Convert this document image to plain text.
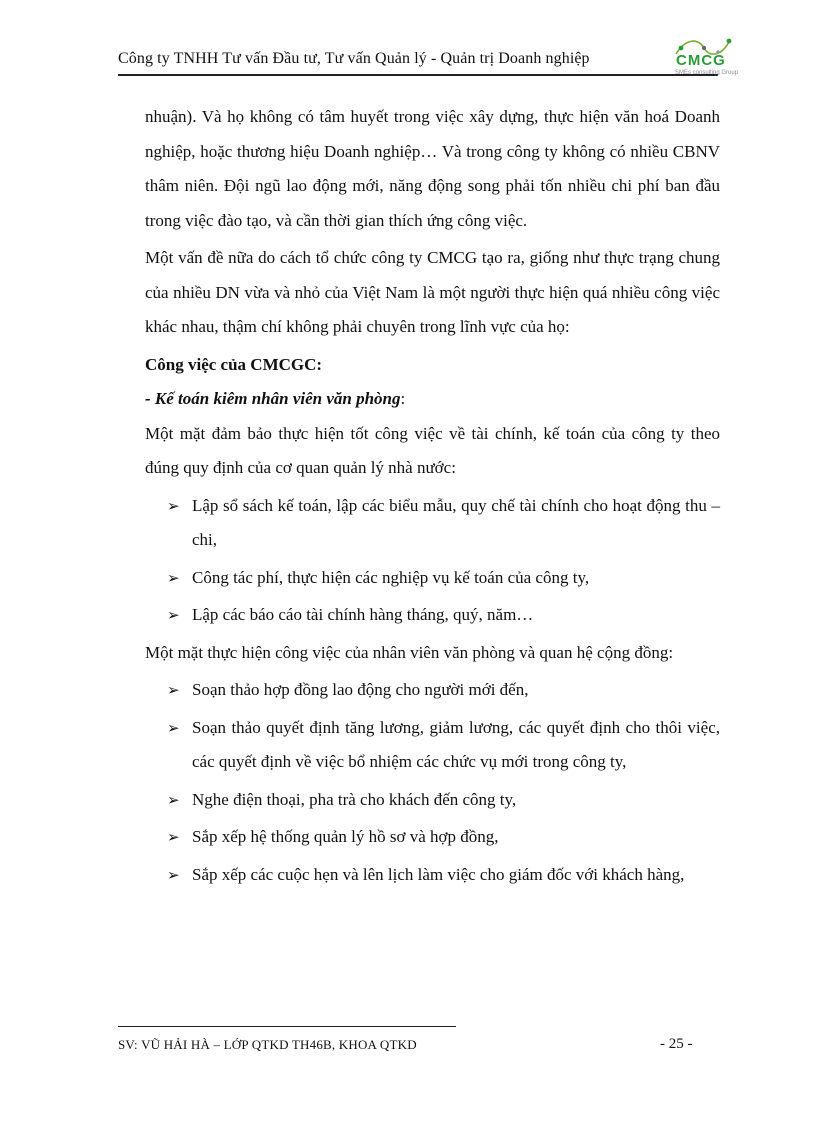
Công ty TNHH Tư vấn Đầu tư, Tư vấn Quản lý - Quản trị Doanh nghiệp	CMCG
SMEs consulting Group

nhuận). Và họ không có tâm huyết trong việc xây dựng, thực hiện văn hoá Doanh nghiệp, hoặc thương hiệu Doanh nghiệp… Và trong công ty không có nhiều CBNV thâm niên. Đội ngũ lao động mới, năng động song phải tốn nhiều chi phí ban đầu trong việc đào tạo, và cần thời gian thích ứng công việc.

Một vấn đề nữa do cách tổ chức công ty CMCG tạo ra, giống như thực trạng chung của nhiều DN vừa và nhỏ của Việt Nam là một người thực hiện quá nhiều công việc khác nhau, thậm chí không phải chuyên trong lĩnh vực của họ:

Công việc của CMCGC:

- Kế toán kiêm nhân viên văn phòng:

Một mặt đảm bảo thực hiện tốt công việc về tài chính, kế toán của công ty theo đúng quy định của cơ quan quản lý nhà nước:

➢ Lập sổ sách kế toán, lập các biểu mẫu, quy chế tài chính cho hoạt động thu – chi,
➢ Công tác phí, thực hiện các nghiệp vụ kế toán của công ty,
➢ Lập các báo cáo tài chính hàng tháng, quý, năm…

Một mặt thực hiện công việc của nhân viên văn phòng và quan hệ cộng đồng:

➢ Soạn thảo hợp đồng lao động cho người mới đến,
➢ Soạn thảo quyết định tăng lương, giảm lương, các quyết định cho thôi việc, các quyết định về việc bổ nhiệm các chức vụ mới trong công ty,
➢ Nghe điện thoại, pha trà cho khách đến công ty,
➢ Sắp xếp hệ thống quản lý hồ sơ và hợp đồng,
➢ Sắp xếp các cuộc hẹn và lên lịch làm việc cho giám đốc với khách hàng,
SV: VŨ HẢI HÀ – LỚP QTKD TH46B, KHOA QTKD	- 25 -
